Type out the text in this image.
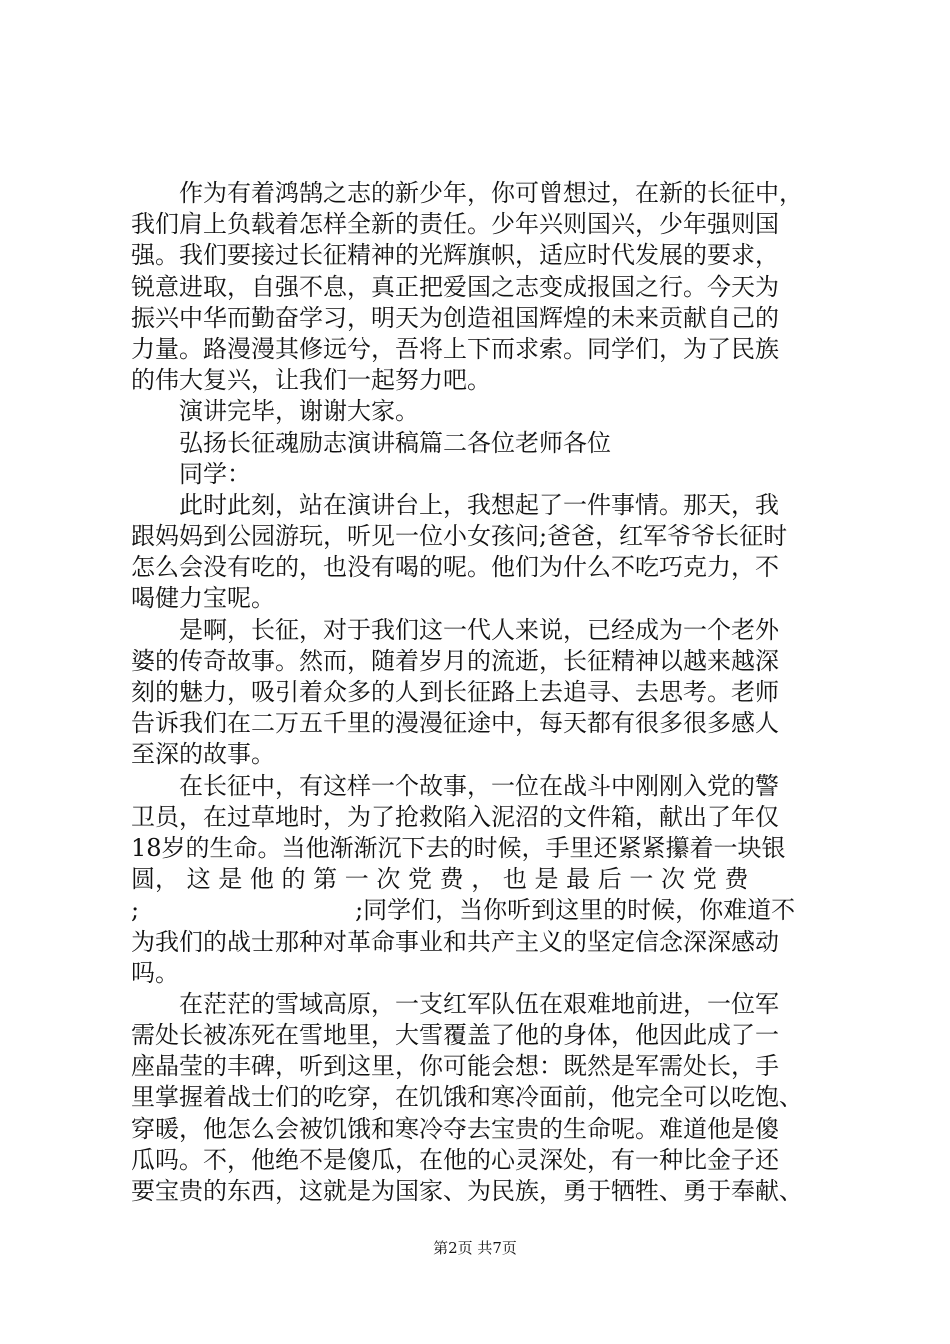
作为有着鸿鹄之志的新少年，你可曾想过，在新的长征中，
我们肩上负载着怎样全新的责任。少年兴则国兴，少年强则国
强。我们要接过长征精神的光辉旗帜，适应时代发展的要求，
锐意进取，自强不息，真正把爱国之志变成报国之行。今天为
振兴中华而勤奋学习，明天为创造祖国辉煌的未来贡献自己的
力量。路漫漫其修远兮，吾将上下而求索。同学们，为了民族
的伟大复兴，让我们一起努力吧。
演讲完毕，谢谢大家。
弘扬长征魂励志演讲稿篇二各位老师各位
同学：
此时此刻，站在演讲台上，我想起了一件事情。那天，我
跟妈妈到公园游玩，听见一位小女孩问;爸爸，红军爷爷长征时
怎么会没有吃的，也没有喝的呢。他们为什么不吃巧克力，不
喝健力宝呢。
是啊，长征，对于我们这一代人来说，已经成为一个老外
婆的传奇故事。然而，随着岁月的流逝，长征精神以越来越深
刻的魅力，吸引着众多的人到长征路上去追寻、去思考。老师
告诉我们在二万五千里的漫漫征途中，每天都有很多很多感人
至深的故事。
在长征中，有这样一个故事，一位在战斗中刚刚入党的警
卫员，在过草地时，为了抢救陷入泥沼的文件箱，献出了年仅
18岁的生命。当他渐渐沉下去的时候，手里还紧紧攥着一块银
圆， 这 是 他 的 第 一 次 党 费 ， 也 是 最 后 一 次 党 费
;　　　　　　　　　;同学们，当你听到这里的时候，你难道不
为我们的战士那种对革命事业和共产主义的坚定信念深深感动
吗。
在茫茫的雪域高原，一支红军队伍在艰难地前进，一位军
需处长被冻死在雪地里，大雪覆盖了他的身体，他因此成了一
座晶莹的丰碑，听到这里，你可能会想：既然是军需处长，手
里掌握着战士们的吃穿，在饥饿和寒冷面前，他完全可以吃饱、
穿暖，他怎么会被饥饿和寒冷夺去宝贵的生命呢。难道他是傻
瓜吗。不，他绝不是傻瓜，在他的心灵深处，有一种比金子还
要宝贵的东西，这就是为国家、为民族，勇于牺牲、勇于奉献、
第2页 共7页
